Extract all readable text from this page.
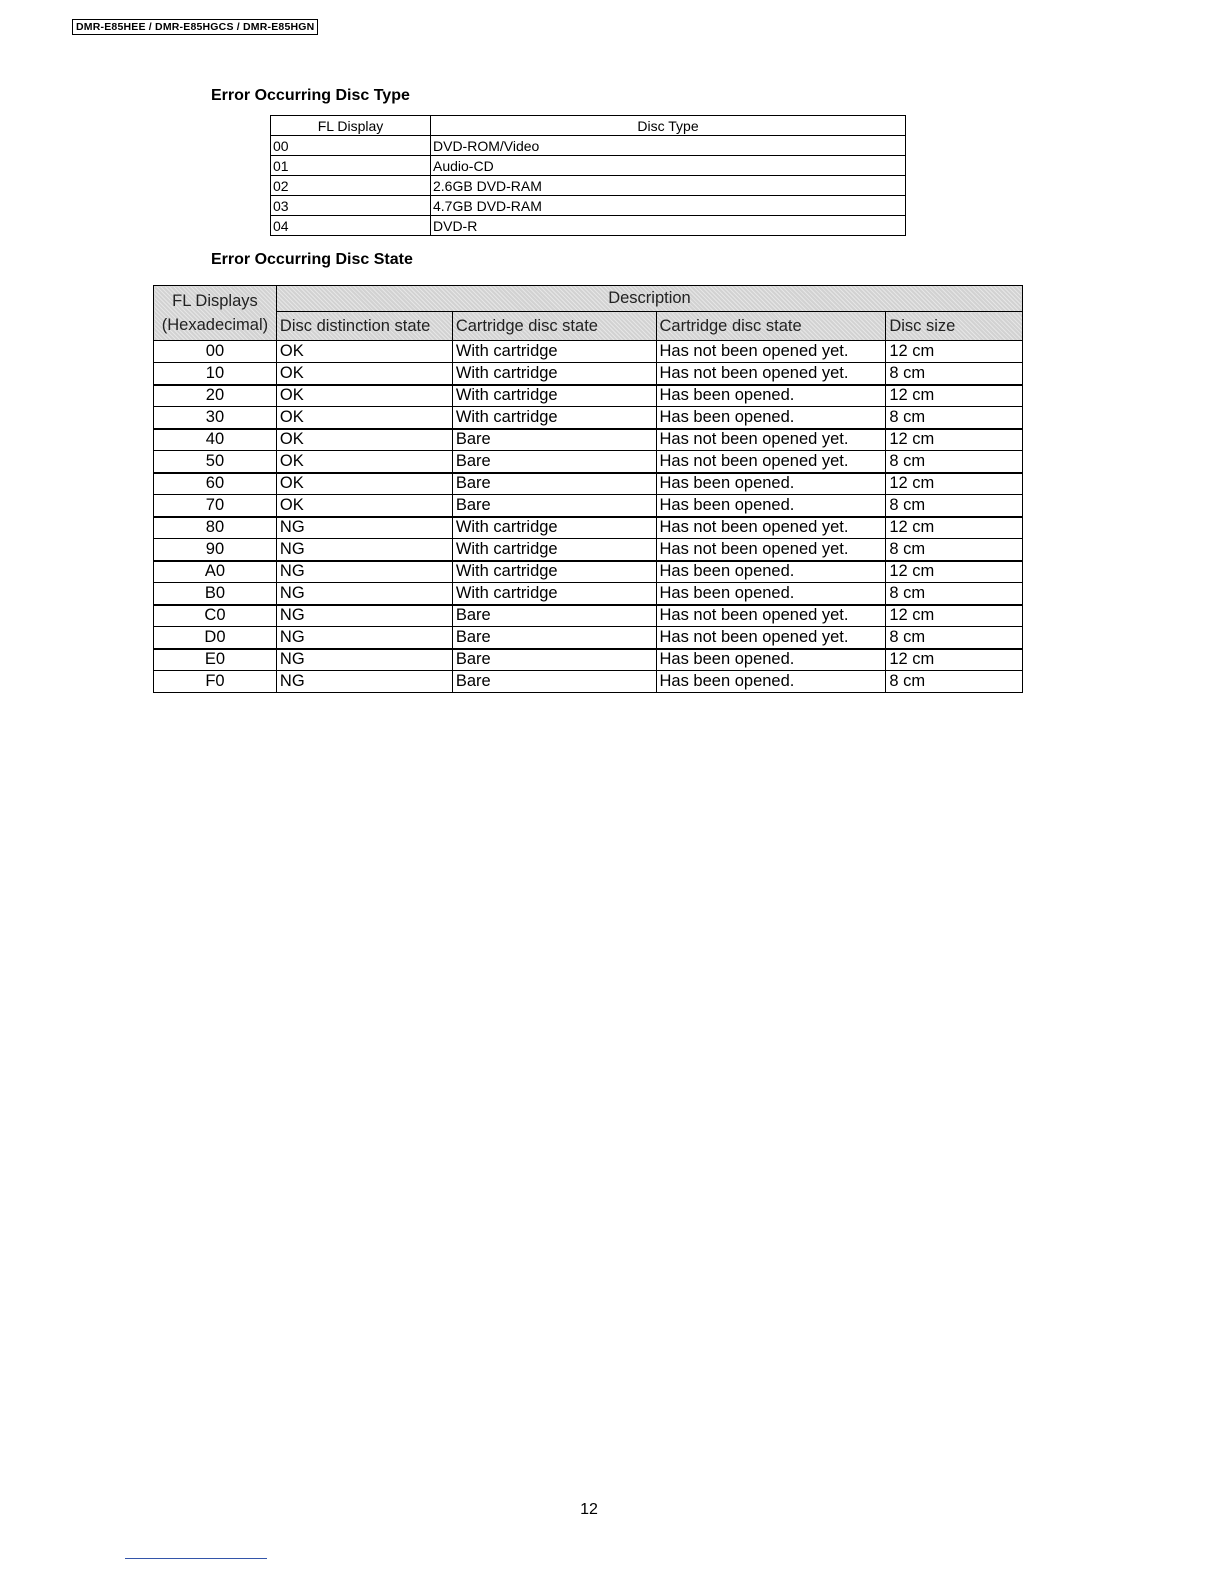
DMR-E85HEE / DMR-E85HGCS / DMR-E85HGN
Error Occurring Disc Type
FL Display	Disc Type
00	DVD-ROM/Video
01	Audio-CD
02	2.6GB DVD-RAM
03	4.7GB DVD-RAM
04	DVD-R
Error Occurring Disc State
FL Displays
(Hexadecimal)	Description			
	Disc distinction state	Cartridge disc state	Cartridge disc state	Disc size
00	OK	With cartridge	Has not been opened yet.	12 cm
10	OK	With cartridge	Has not been opened yet.	8 cm
20	OK	With cartridge	Has been opened.	12 cm
30	OK	With cartridge	Has been opened.	8 cm
40	OK	Bare	Has not been opened yet.	12 cm
50	OK	Bare	Has not been opened yet.	8 cm
60	OK	Bare	Has been opened.	12 cm
70	OK	Bare	Has been opened.	8 cm
80	NG	With cartridge	Has not been opened yet.	12 cm
90	NG	With cartridge	Has not been opened yet.	8 cm
A0	NG	With cartridge	Has been opened.	12 cm
B0	NG	With cartridge	Has been opened.	8 cm
C0	NG	Bare	Has not been opened yet.	12 cm
D0	NG	Bare	Has not been opened yet.	8 cm
E0	NG	Bare	Has been opened.	12 cm
F0	NG	Bare	Has been opened.	8 cm
12
